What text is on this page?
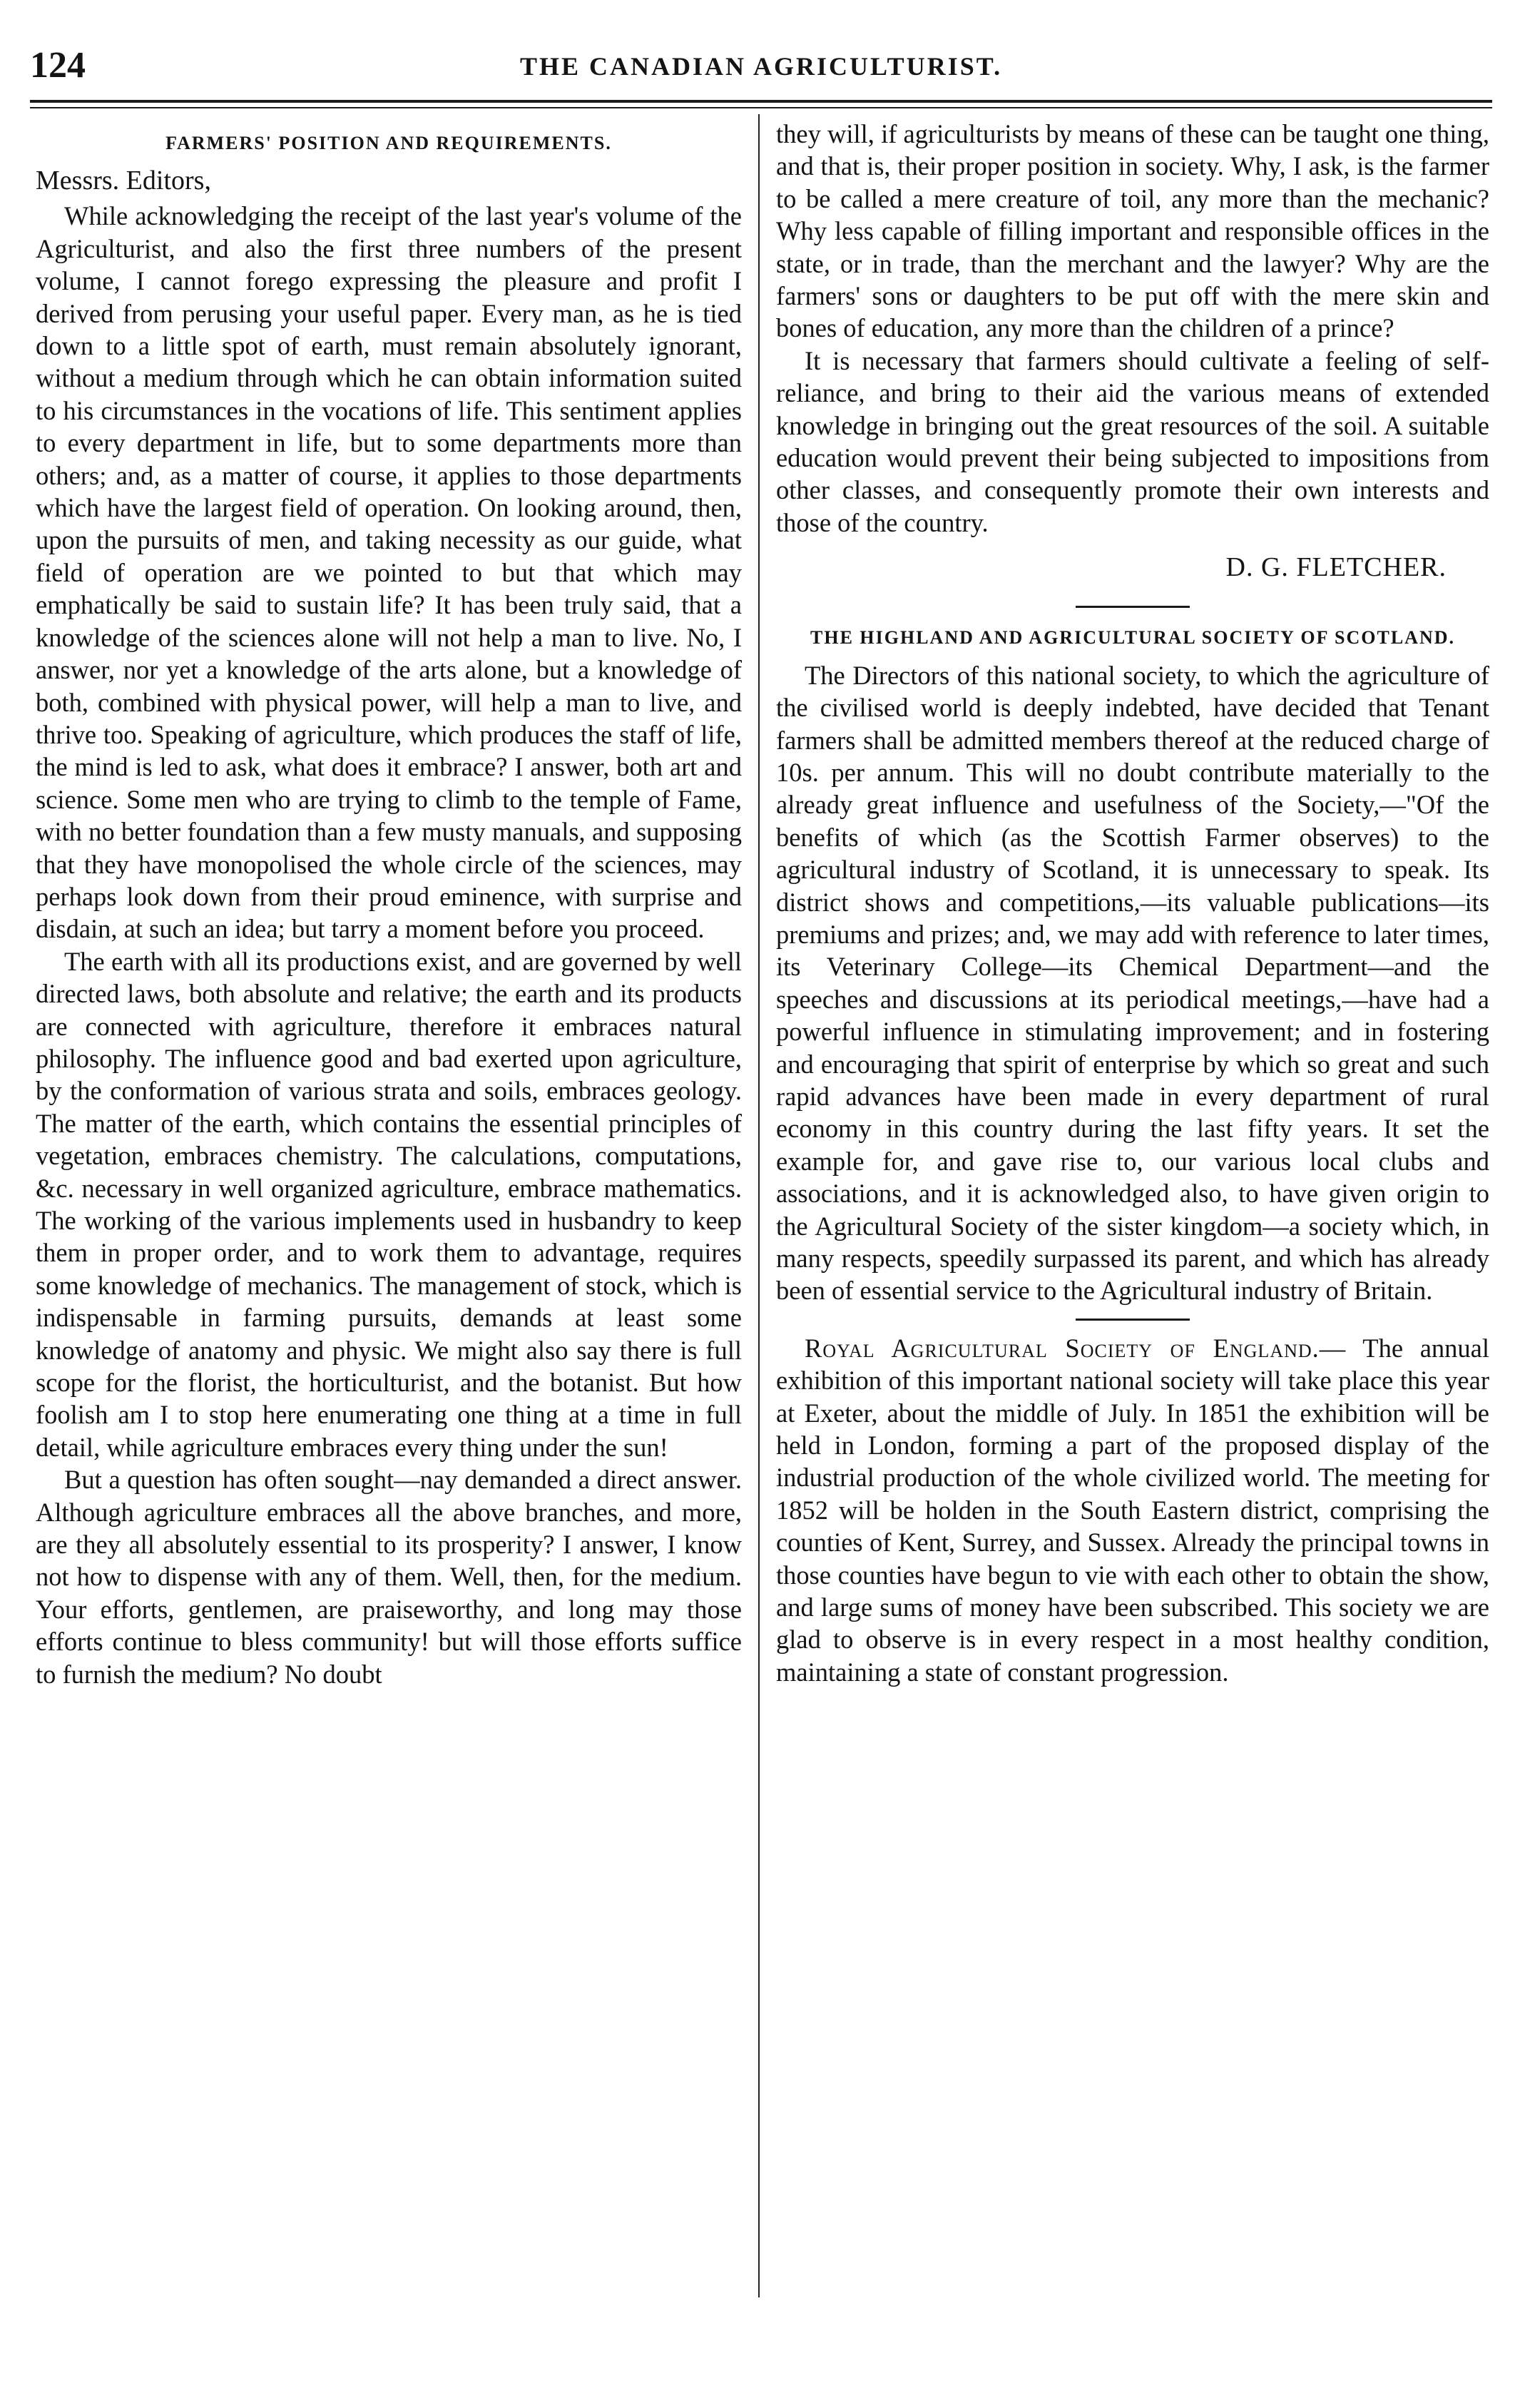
124	THE CANADIAN AGRICULTURIST.
FARMERS' POSITION AND REQUIREMENTS.

Messrs. Editors,

While acknowledging the receipt of the last year's volume of the Agriculturist, and also the first three numbers of the present volume, I cannot forego expressing the pleasure and profit I derived from perusing your useful paper. Every man, as he is tied down to a little spot of earth, must remain absolutely ignorant, without a medium through which he can obtain information suited to his circumstances in the vocations of life. This sentiment applies to every department in life, but to some departments more than others; and, as a matter of course, it applies to those departments which have the largest field of operation. On looking around, then, upon the pursuits of men, and taking necessity as our guide, what field of operation are we pointed to but that which may emphatically be said to sustain life? It has been truly said, that a knowledge of the sciences alone will not help a man to live. No, I answer, nor yet a knowledge of the arts alone, but a knowledge of both, combined with physical power, will help a man to live, and thrive too. Speaking of agriculture, which produces the staff of life, the mind is led to ask, what does it embrace? I answer, both art and science. Some men who are trying to climb to the temple of Fame, with no better foundation than a few musty manuals, and supposing that they have monopolised the whole circle of the sciences, may perhaps look down from their proud eminence, with surprise and disdain, at such an idea; but tarry a moment before you proceed.

The earth with all its productions exist, and are governed by well directed laws, both absolute and relative; the earth and its products are connected with agriculture, therefore it embraces natural philosophy. The influence good and bad exerted upon agriculture, by the conformation of various strata and soils, embraces geology. The matter of the earth, which contains the essential principles of vegetation, embraces chemistry. The calculations, computations, &c. necessary in well organized agriculture, embrace mathematics. The working of the various implements used in husbandry to keep them in proper order, and to work them to advantage, requires some knowledge of mechanics. The management of stock, which is indispensable in farming pursuits, demands at least some knowledge of anatomy and physic. We might also say there is full scope for the florist, the horticulturist, and the botanist. But how foolish am I to stop here enumerating one thing at a time in full detail, while agriculture embraces every thing under the sun!

But a question has often sought—nay demanded a direct answer. Although agriculture embraces all the above branches, and more, are they all absolutely essential to its prosperity? I answer, I know not how to dispense with any of them. Well, then, for the medium. Your efforts, gentlemen, are praiseworthy, and long may those efforts continue to bless community! but will those efforts suffice to furnish the medium? No doubt

they will, if agriculturists by means of these can be taught one thing, and that is, their proper position in society. Why, I ask, is the farmer to be called a mere creature of toil, any more than the mechanic? Why less capable of filling important and responsible offices in the state, or in trade, than the merchant and the lawyer? Why are the farmers' sons or daughters to be put off with the mere skin and bones of education, any more than the children of a prince?

It is necessary that farmers should cultivate a feeling of self-reliance, and bring to their aid the various means of extended knowledge in bringing out the great resources of the soil. A suitable education would prevent their being subjected to impositions from other classes, and consequently promote their own interests and those of the country.

D. G. FLETCHER.

THE HIGHLAND AND AGRICULTURAL SOCIETY OF SCOTLAND.

The Directors of this national society, to which the agriculture of the civilised world is deeply indebted, have decided that Tenant farmers shall be admitted members thereof at the reduced charge of 10s. per annum. This will no doubt contribute materially to the already great influence and usefulness of the Society,—"Of the benefits of which (as the Scottish Farmer observes) to the agricultural industry of Scotland, it is unnecessary to speak. Its district shows and competitions,—its valuable publications—its premiums and prizes; and, we may add with reference to later times, its Veterinary College—its Chemical Department—and the speeches and discussions at its periodical meetings,—have had a powerful influence in stimulating improvement; and in fostering and encouraging that spirit of enterprise by which so great and such rapid advances have been made in every department of rural economy in this country during the last fifty years. It set the example for, and gave rise to, our various local clubs and associations, and it is acknowledged also, to have given origin to the Agricultural Society of the sister kingdom—a society which, in many respects, speedily surpassed its parent, and which has already been of essential service to the Agricultural industry of Britain.

Royal Agricultural Society of England.— The annual exhibition of this important national society will take place this year at Exeter, about the middle of July. In 1851 the exhibition will be held in London, forming a part of the proposed display of the industrial production of the whole civilized world. The meeting for 1852 will be holden in the South Eastern district, comprising the counties of Kent, Surrey, and Sussex. Already the principal towns in those counties have begun to vie with each other to obtain the show, and large sums of money have been subscribed. This society we are glad to observe is in every respect in a most healthy condition, maintaining a state of constant progression.
